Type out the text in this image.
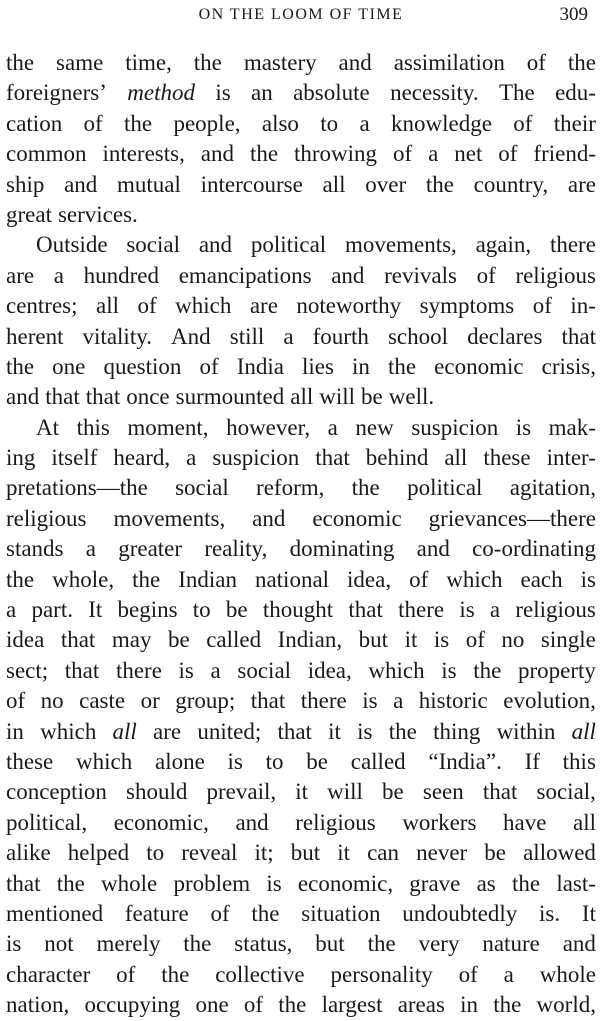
ON THE LOOM OF TIME	309
the same time, the mastery and assimilation of the
foreigners’ method is an absolute necessity. The edu-
cation of the people, also to a knowledge of their
common interests, and the throwing of a net of friend-
ship and mutual intercourse all over the country, are
great services.
Outside social and political movements, again, there
are a hundred emancipations and revivals of religious
centres; all of which are noteworthy symptoms of in-
herent vitality. And still a fourth school declares that
the one question of India lies in the economic crisis,
and that that once surmounted all will be well.
At this moment, however, a new suspicion is mak-
ing itself heard, a suspicion that behind all these inter-
pretations—the social reform, the political agitation,
religious movements, and economic grievances—there
stands a greater reality, dominating and co-ordinating
the whole, the Indian national idea, of which each is
a part. It begins to be thought that there is a religious
idea that may be called Indian, but it is of no single
sect; that there is a social idea, which is the property
of no caste or group; that there is a historic evolution,
in which all are united; that it is the thing within all
these which alone is to be called “India”. If this
conception should prevail, it will be seen that social,
political, economic, and religious workers have all
alike helped to reveal it; but it can never be allowed
that the whole problem is economic, grave as the last-
mentioned feature of the situation undoubtedly is. It
is not merely the status, but the very nature and
character of the collective personality of a whole
nation, occupying one of the largest areas in the world,
